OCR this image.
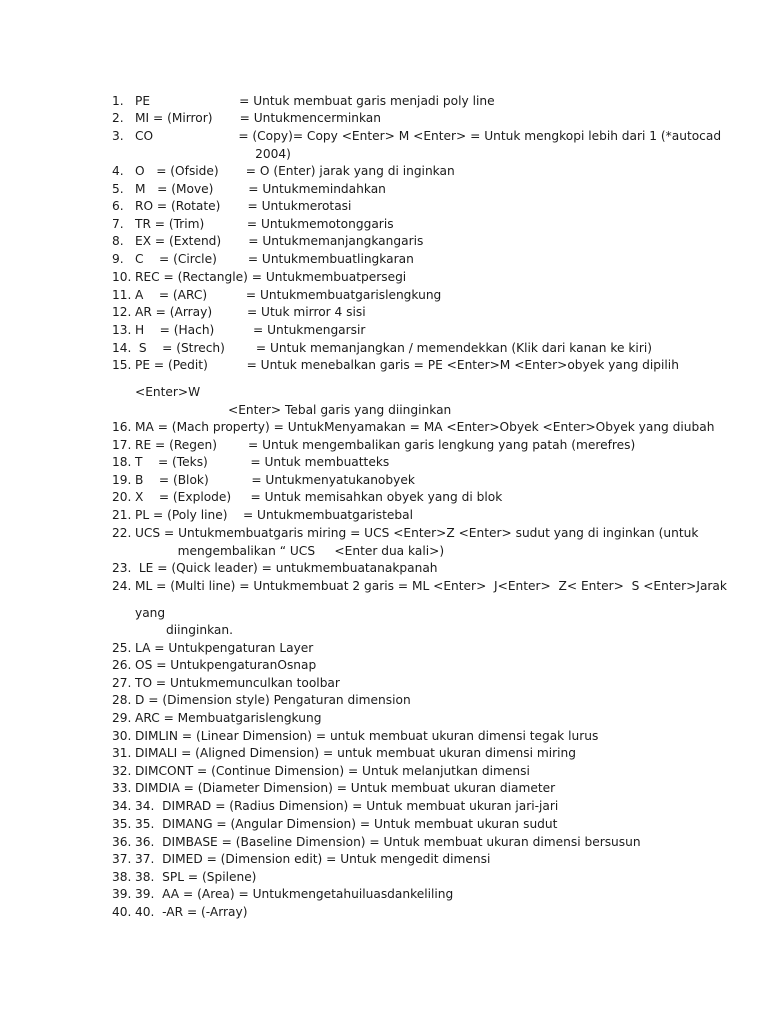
1. PE                       = Untuk membuat garis menjadi poly line
2. MI = (Mirror)       = Untukmencerminkan
3. CO                      = (Copy)= Copy <Enter> M <Enter> = Untuk mengkopi lebih dari 1 (*autocad
2004)
4. O   = (Ofside)       = O (Enter) jarak yang di inginkan
5. M   = (Move)         = Untukmemindahkan
6. RO = (Rotate)       = Untukmerotasi
7. TR = (Trim)           = Untukmemotonggaris
8. EX = (Extend)       = Untukmemanjangkangaris
9. C    = (Circle)        = Untukmembuatlingkaran
10. REC = (Rectangle) = Untukmembuatpersegi
11. A    = (ARC)          = Untukmembuatgarislengkung
12. AR = (Array)         = Utuk mirror 4 sisi
13. H    = (Hach)          = Untukmengarsir
14. S    = (Strech)        = Untuk memanjangkan / memendekkan (Klik dari kanan ke kiri)
15. PE = (Pedit)          = Untuk menebalkan garis = PE <Enter>M <Enter>obyek yang dipilih
<Enter>W
<Enter> Tebal garis yang diinginkan
16. MA = (Mach property) = UntukMenyamakan = MA <Enter>Obyek <Enter>Obyek yang diubah
17. RE = (Regen)        = Untuk mengembalikan garis lengkung yang patah (merefres)
18. T    = (Teks)           = Untuk membuatteks
19. B    = (Blok)           = Untukmenyatukanobyek
20. X    = (Explode)     = Untuk memisahkan obyek yang di blok
21. PL = (Poly line)    = Untukmembuatgaristebal
22. UCS = Untukmembuatgaris miring = UCS <Enter>Z <Enter> sudut yang di inginkan (untuk
mengembalikan “ UCS     <Enter dua kali>)
23. LE = (Quick leader) = untukmembuatanakpanah
24. ML = (Multi line) = Untukmembuat 2 garis = ML <Enter>  J<Enter>  Z< Enter>  S <Enter>Jarak
yang
diinginkan.
25. LA = Untukpengaturan Layer
26. OS = UntukpengaturanOsnap
27. TO = Untukmemunculkan toolbar
28. D = (Dimension style) Pengaturan dimension
29. ARC = Membuatgarislengkung
30. DIMLIN = (Linear Dimension) = untuk membuat ukuran dimensi tegak lurus
31. DIMALI = (Aligned Dimension) = untuk membuat ukuran dimensi miring
32. DIMCONT = (Continue Dimension) = Untuk melanjutkan dimensi
33. DIMDIA = (Diameter Dimension) = Untuk membuat ukuran diameter
34. 34.  DIMRAD = (Radius Dimension) = Untuk membuat ukuran jari-jari
35. 35.  DIMANG = (Angular Dimension) = Untuk membuat ukuran sudut
36. 36.  DIMBASE = (Baseline Dimension) = Untuk membuat ukuran dimensi bersusun
37. 37.  DIMED = (Dimension edit) = Untuk mengedit dimensi
38. 38.  SPL = (Spilene)
39. 39.  AA = (Area) = Untukmengetahuiluasdankeliling
40. 40.  -AR = (-Array)
